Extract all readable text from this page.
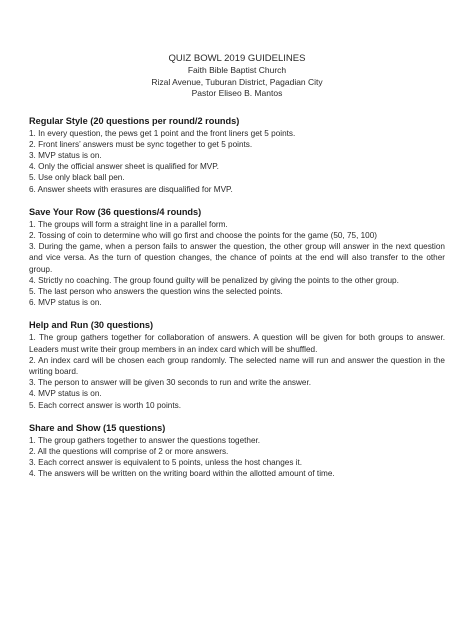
QUIZ BOWL 2019 GUIDELINES
Faith Bible Baptist Church
Rizal Avenue, Tuburan District, Pagadian City
Pastor Eliseo B. Mantos
Regular Style (20 questions per round/2 rounds)
1. In every question, the pews get 1 point and the front liners get 5 points.
2. Front liners’ answers must be sync together to get 5 points.
3. MVP status is on.
4. Only the official answer sheet is qualified for MVP.
5. Use only black ball pen.
6. Answer sheets with erasures are disqualified for MVP.
Save Your Row (36 questions/4 rounds)
1. The groups will form a straight line in a parallel form.
2. Tossing of coin to determine who will go first and choose the points for the game (50, 75, 100)
3. During the game, when a person fails to answer the question, the other group will answer in the next question and vice versa. As the turn of question changes, the chance of points at the end will also transfer to the other group.
4. Strictly no coaching. The group found guilty will be penalized by giving the points to the other group.
5. The last person who answers the question wins the selected points.
6. MVP status is on.
Help and Run (30 questions)
1. The group gathers together for collaboration of answers. A question will be given for both groups to answer. Leaders must write their group members in an index card which will be shuffled.
2. An index card will be chosen each group randomly. The selected name will run and answer the question in the writing board.
3. The person to answer will be given 30 seconds to run and write the answer.
4. MVP status is on.
5. Each correct answer is worth 10 points.
Share and Show (15 questions)
1. The group gathers together to answer the questions together.
2. All the questions will comprise of 2 or more answers.
3. Each correct answer is equivalent to 5 points, unless the host changes it.
4. The answers will be written on the writing board within the allotted amount of time.
